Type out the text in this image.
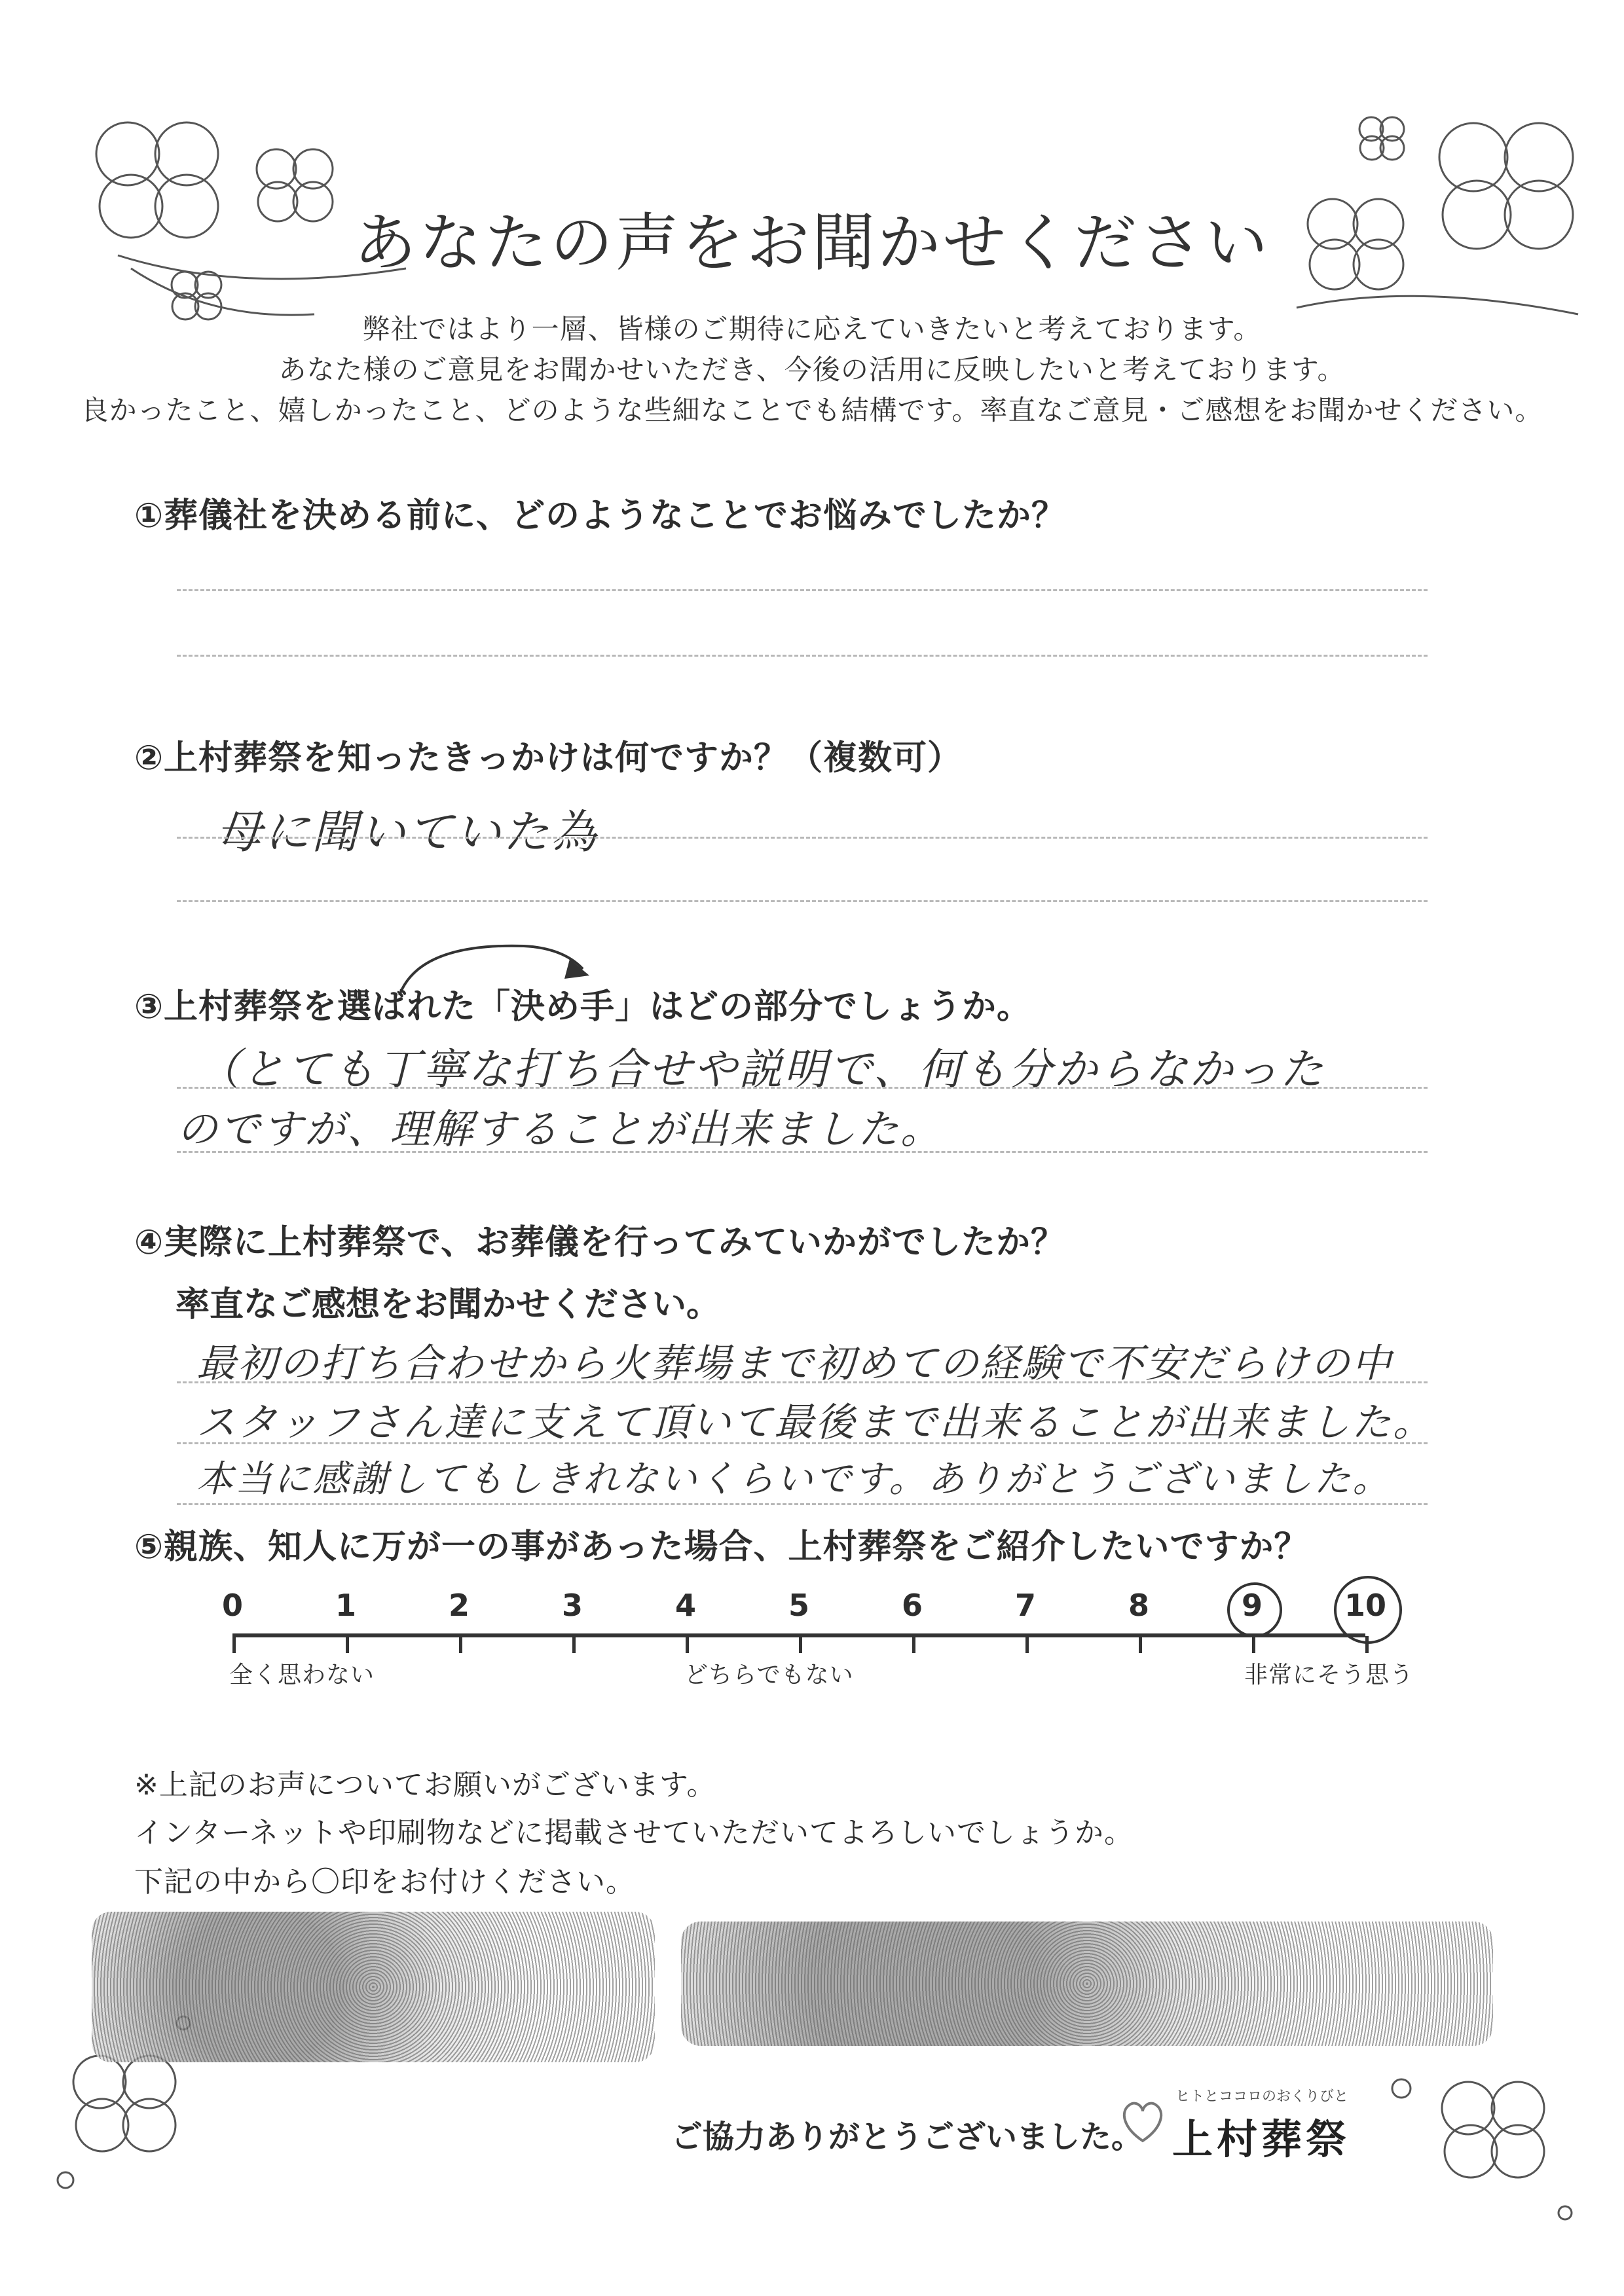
あなたの声をお聞かせください
弊社ではより一層、皆様のご期待に応えていきたいと考えております。
あなた様のご意見をお聞かせいただき、今後の活用に反映したいと考えております。
良かったこと、嬉しかったこと、どのような些細なことでも結構です。率直なご意見・ご感想をお聞かせください。
①葬儀社を決める前に、どのようなことでお悩みでしたか？
②上村葬祭を知ったきっかけは何ですか？（複数可）
母に聞いていた為
③上村葬祭を選ばれた「決め手」はどの部分でしょうか。
（とても丁寧な打ち合せや説明で、何も分からなかった
のですが、理解することが出来ました。
④実際に上村葬祭で、お葬儀を行ってみていかがでしたか？
率直なご感想をお聞かせください。
最初の打ち合わせから火葬場まで初めての経験で不安だらけの中
スタッフさん達に支えて頂いて最後まで出来ることが出来ました。
本当に感謝してもしきれないくらいです。ありがとうございました。
⑤親族、知人に万が一の事があった場合、上村葬祭をご紹介したいですか？
0	1	2	3	4	5	6	7	8	9	10
全く思わない	どちらでもない	非常にそう思う
※上記のお声についてお願いがございます。
インターネットや印刷物などに掲載させていただいてよろしいでしょうか。
下記の中から〇印をお付けください。
ご協力ありがとうございました。
ヒトとココロのおくりびと
上村葬祭
